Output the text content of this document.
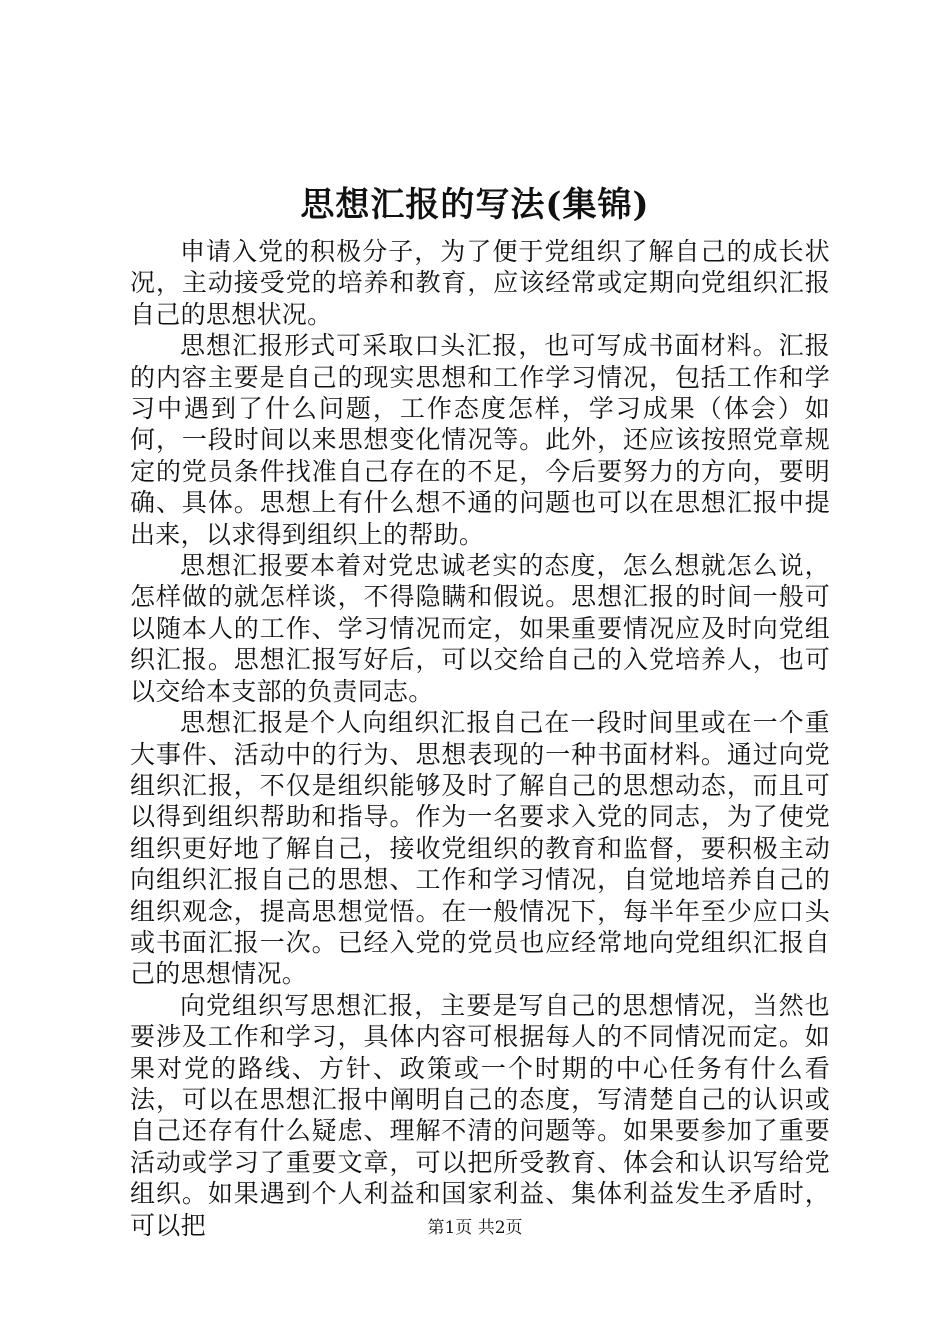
思想汇报的写法(集锦)

申请入党的积极分子，为了便于党组织了解自己的成长状况，主动接受党的培养和教育，应该经常或定期向党组织汇报自己的思想状况。

思想汇报形式可采取口头汇报，也可写成书面材料。汇报的内容主要是自己的现实思想和工作学习情况，包括工作和学习中遇到了什么问题，工作态度怎样，学习成果（体会）如何，一段时间以来思想变化情况等。此外，还应该按照党章规定的党员条件找准自己存在的不足，今后要努力的方向，要明确、具体。思想上有什么想不通的问题也可以在思想汇报中提出来，以求得到组织上的帮助。

思想汇报要本着对党忠诚老实的态度，怎么想就怎么说，怎样做的就怎样谈，不得隐瞒和假说。思想汇报的时间一般可以随本人的工作、学习情况而定，如果重要情况应及时向党组织汇报。思想汇报写好后，可以交给自己的入党培养人，也可以交给本支部的负责同志。

思想汇报是个人向组织汇报自己在一段时间里或在一个重大事件、活动中的行为、思想表现的一种书面材料。通过向党组织汇报，不仅是组织能够及时了解自己的思想动态，而且可以得到组织帮助和指导。作为一名要求入党的同志，为了使党组织更好地了解自己，接收党组织的教育和监督，要积极主动向组织汇报自己的思想、工作和学习情况，自觉地培养自己的组织观念，提高思想觉悟。在一般情况下，每半年至少应口头或书面汇报一次。已经入党的党员也应经常地向党组织汇报自己的思想情况。

向党组织写思想汇报，主要是写自己的思想情况，当然也要涉及工作和学习，具体内容可根据每人的不同情况而定。如果对党的路线、方针、政策或一个时期的中心任务有什么看法，可以在思想汇报中阐明自己的态度，写清楚自己的认识或自己还存有什么疑虑、理解不清的问题等。如果要参加了重要活动或学习了重要文章，可以把所受教育、体会和认识写给党组织。如果遇到个人利益和国家利益、集体利益发生矛盾时，可以把	第1页 共2页
